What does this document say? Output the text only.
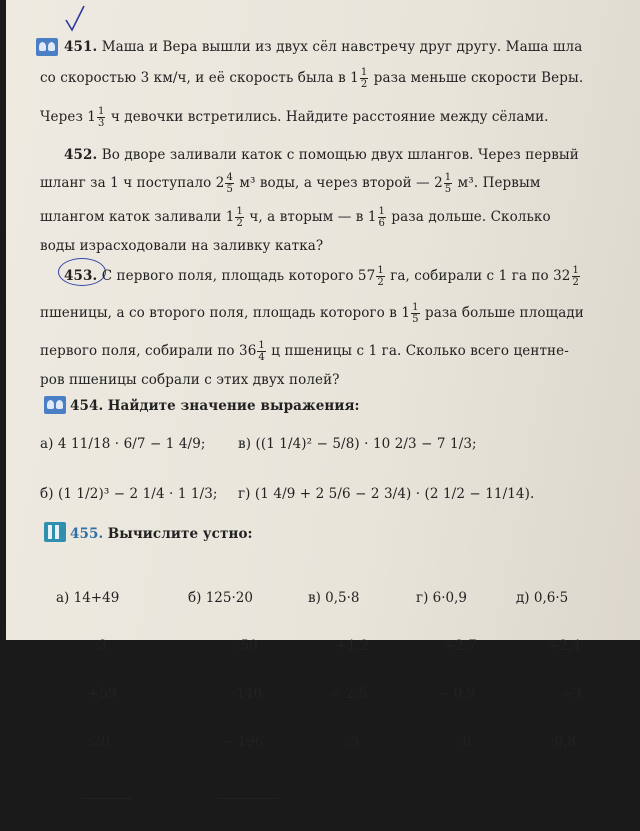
451. Маша и Вера вышли из двух сёл навстречу друг другу. Маша шла
со скоростью 3 км/ч, и её скорость была в $1 \frac{1}{2}$ раза меньше скорости Веры.
Через $1 \frac{1}{3}$ ч девочки встретились. Найдите расстояние между сёлами.
452. Во дворе заливали каток с помощью двух шлангов. Через первый
шланг за 1 ч поступало $2 \frac{4}{5} м^3$ воды, а через второй — $2 \frac{1}{5} м^3$. Первым
шлангом каток заливали $1 \frac{1}{2} ч$, а вторым — в $1 \frac{1}{6}$ раза дольше. Сколько
воды израсходовали на заливку катка?
453. С первого поля, площадь которого $57 \frac{1}{2}$ га, собирали с 1 га по $32 \frac{1}{2}$
пшеницы, а со второго поля, площадь которого в $1 \frac{1}{5}$ раза больше площади
первого поля, собирали по $36 \frac{1}{4}$ ц пшеницы с 1 га. Сколько всего центне-
ров пшеницы собрали с этих двух полей?
454. Найдите значение выражения:
а) 4 11/18 · 6/7 − 1 4/9; в) ((1 1/4)² − 5/8) · 10 2/3 − 7 1/3;
б) (1 1/2)³ − 2 1/4 · 1 1/3; г) (1 4/9 + 2 5/6 − 2 3/4) · (2 1/2 − 11/14).
455. Вычислите устно:

а) 14+49

:3

+59

:20

б) 125·20

:50

·140

− 196

в) 0,5·8

+1,2

− 2,5

:3

г) 6·0,9

+2,7

− 0,9

:8

д) 0,6·5

+2,4

−3

:0,8
